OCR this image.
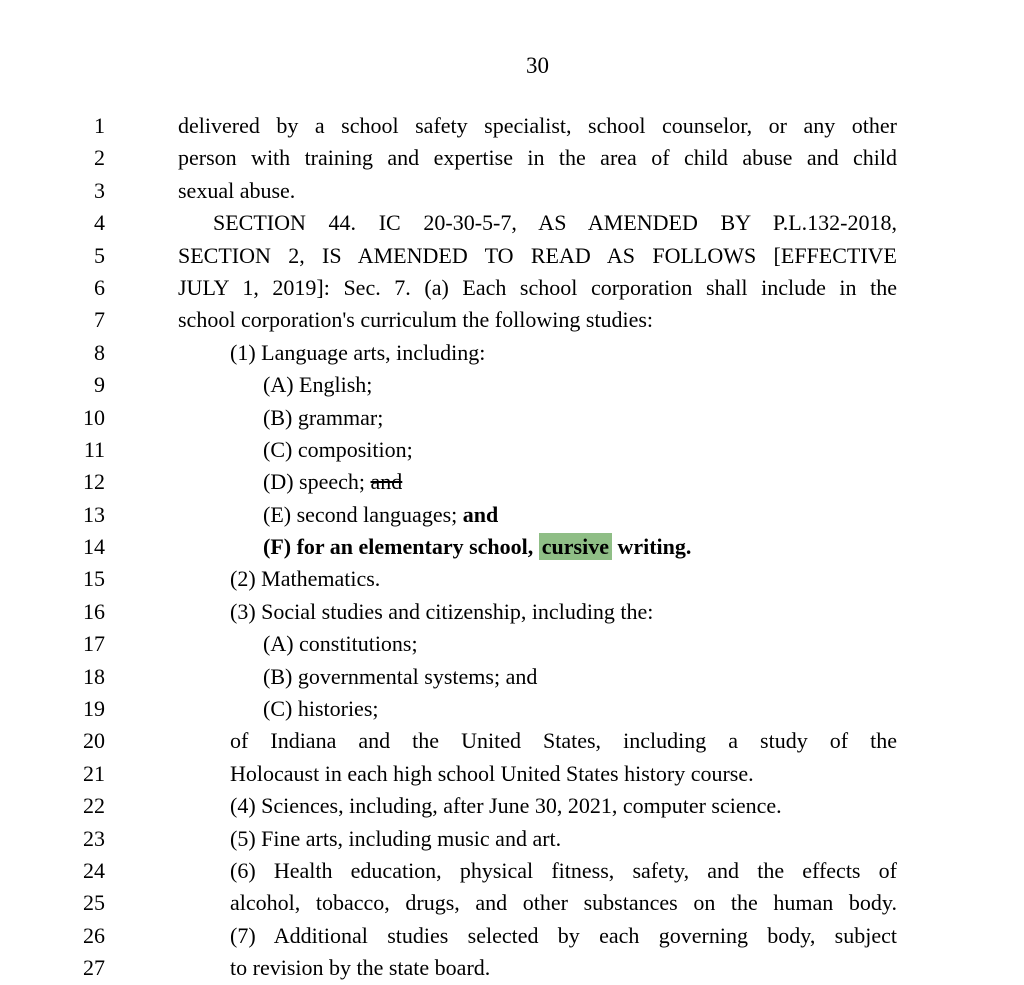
30
1	delivered by a school safety specialist, school counselor, or any other
2	person with training and expertise in the area of child abuse and child
3	sexual abuse.
4	SECTION 44. IC 20-30-5-7, AS AMENDED BY P.L.132-2018,
5	SECTION 2, IS AMENDED TO READ AS FOLLOWS [EFFECTIVE
6	JULY 1, 2019]: Sec. 7. (a) Each school corporation shall include in the
7	school corporation's curriculum the following studies:
8	(1) Language arts, including:
9	(A) English;
10	(B) grammar;
11	(C) composition;
12	(D) speech; and
13	(E) second languages; and
14	(F) for an elementary school, cursive writing.
15	(2) Mathematics.
16	(3) Social studies and citizenship, including the:
17	(A) constitutions;
18	(B) governmental systems; and
19	(C) histories;
20	of Indiana and the United States, including a study of the
21	Holocaust in each high school United States history course.
22	(4) Sciences, including, after June 30, 2021, computer science.
23	(5) Fine arts, including music and art.
24	(6) Health education, physical fitness, safety, and the effects of
25	alcohol, tobacco, drugs, and other substances on the human body.
26	(7) Additional studies selected by each governing body, subject
27	to revision by the state board.
